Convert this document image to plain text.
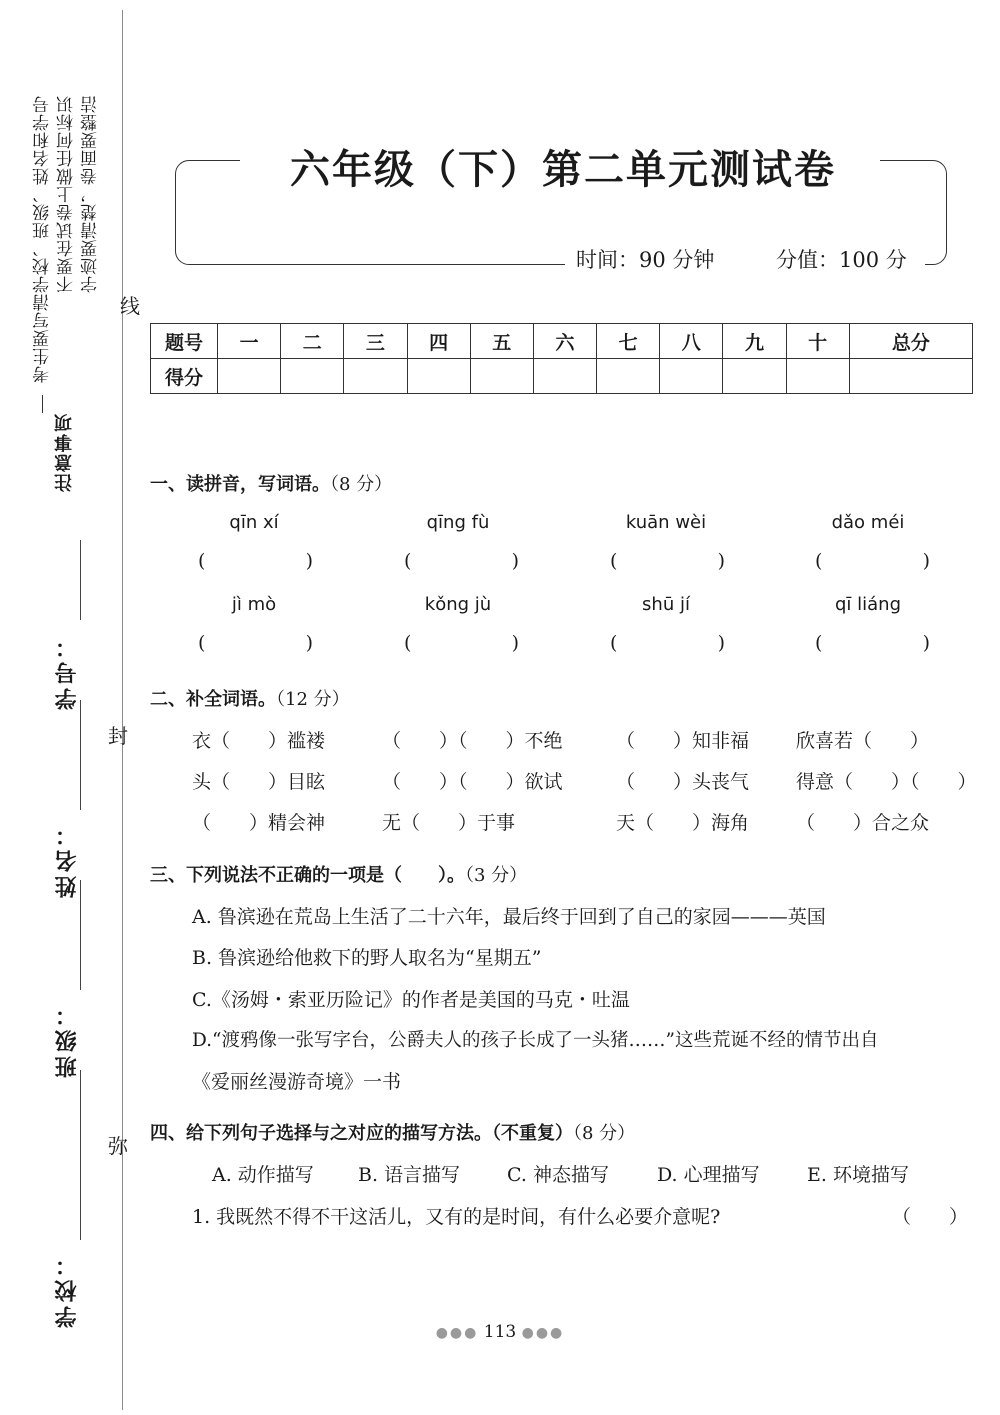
考生要写清学校、班级、姓名和学号 不要在试卷上做任何标识 字迹要清楚，卷面要整洁
注意事项
学号：
姓名：
班级：
学校：
线
封
弥
六年级（下）第二单元测试卷
时间：90 分钟	分值：100 分
题号	一	二	三	四	五	六	七	八	九	十	总分
得分											
一、读拼音，写词语。（8 分）
qīn xí	qīng fù	kuān wèi	dǎo méi
(	)	(	)	(	)	(	)
jì mò	kǒng jù	shū jí	qī liáng
(	)	(	)	(	)	(	)
二、补全词语。（12 分）
衣（　　）褴褛	（　　）（　　）不绝	（　　）知非福 欣喜若（　　）
头（　　）目眩	（　　）（　　）欲试	（　　）头丧气 得意（　　）（　　）
（　　）精会神	无（　　）于事	天（　　）海角 （　　）合之众
三、下列说法不正确的一项是（　　）。（3 分）
A. 鲁滨逊在荒岛上生活了二十六年，最后终于回到了自己的家园———英国
B. 鲁滨逊给他救下的野人取名为“星期五”
C.《汤姆・索亚历险记》的作者是美国的马克・吐温
D.“渡鸦像一张写字台，公爵夫人的孩子长成了一头猪……”这些荒诞不经的情节出自
《爱丽丝漫游奇境》一书
四、给下列句子选择与之对应的描写方法。（不重复）（8 分）
A. 动作描写 B. 语言描写 C. 神态描写	D. 心理描写 E. 环境描写
1. 我既然不得不干这活儿，又有的是时间，有什么必要介意呢?	（　　）
●●● 113 ●●●
